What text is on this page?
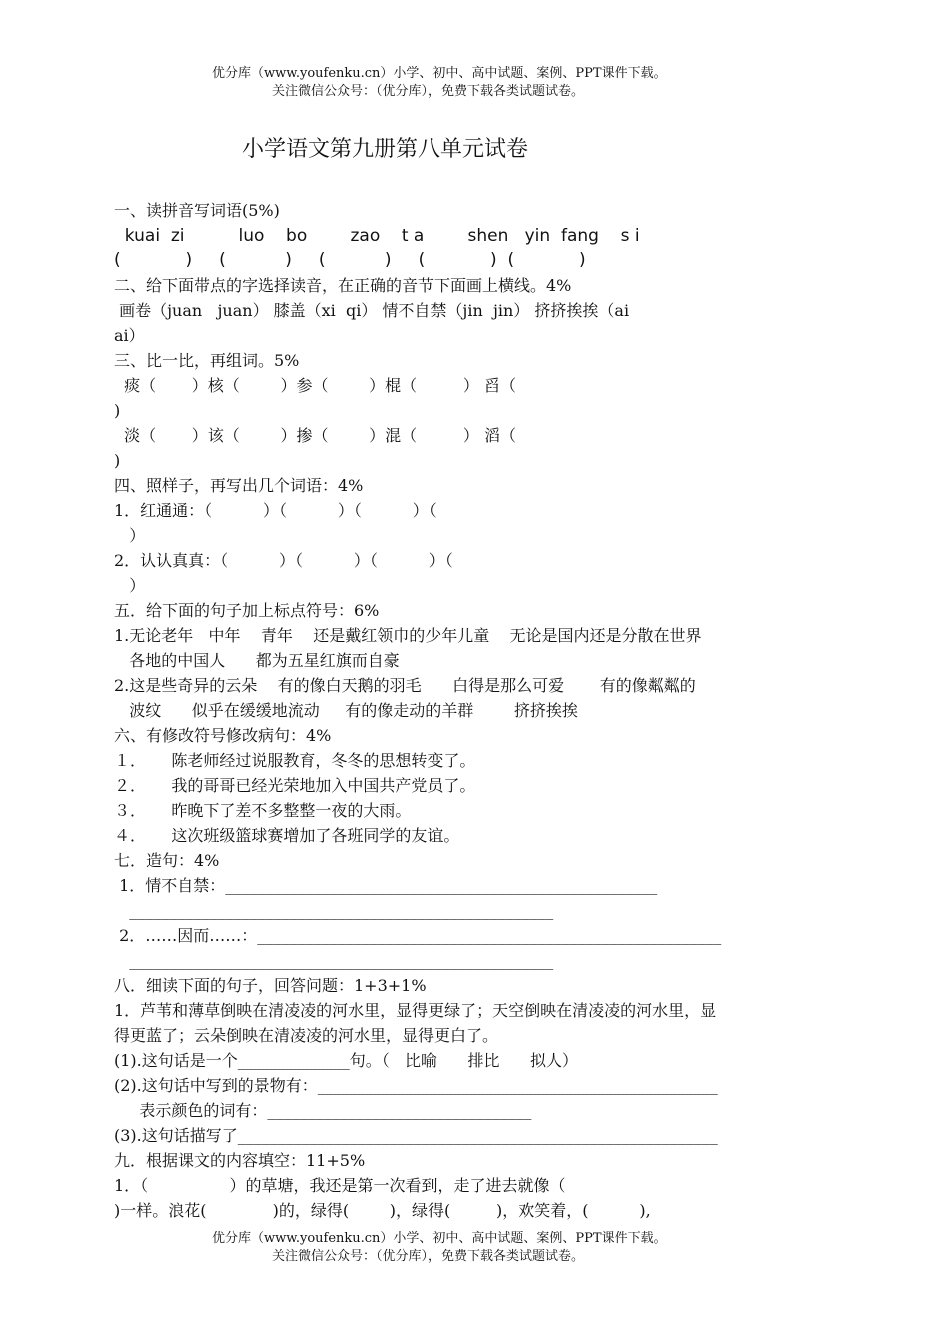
优分库（www.youfenku.cn）小学、初中、高中试题、案例、PPT课件下载。
关注微信公众号：（优分库），免费下载各类试题试卷。
小学语文第九册第八单元试卷
一、读拼音写词语(5%)
kuai  zi          luo    bo        zao    t a        shen   yin  fang    s i
(            )     (           )     (           )     (            )  (            )
二、给下面带点的字选择读音，在正确的音节下面画上横线。4%
画卷（juan   juan） 膝盖（xi  qi） 情不自禁（jin  jin） 挤挤挨挨（ai
ai）
三、比一比，再组词。5%
痰（       ）核（        ）参（        ）棍（         ） 舀（
)
淡（       ）该（        ）掺（        ）混（         ） 滔（
)
四、照样子，再写出几个词语：4%
1．红通通：（          ）（          ）（          ）（
）
2．认认真真：（          ）（          ）（          ）（
）
五．给下面的句子加上标点符号：6%
1.无论老年   中年    青年    还是戴红领巾的少年儿童    无论是国内还是分散在世界
各地的中国人      都为五星红旗而自豪
2.这是些奇异的云朵    有的像白天鹅的羽毛      白得是那么可爱       有的像粼粼的
波纹      似乎在缓缓地流动     有的像走动的羊群        挤挤挨挨
六、有修改符号修改病句：4%
１．     陈老师经过说服教育，冬冬的思想转变了。
２．     我的哥哥已经光荣地加入中国共产党员了。
３．     昨晚下了差不多整整一夜的大雨。
４．     这次班级篮球赛增加了各班同学的友谊。
七．造句：4%
1．情不自禁：______________________________________________________
_____________________________________________________
2．……因而……：__________________________________________________________
_____________________________________________________
八．细读下面的句子，回答问题：1+3+1%
1．芦苇和薄草倒映在清凌凌的河水里，显得更绿了；天空倒映在清凌凌的河水里，显
得更蓝了；云朵倒映在清凌凌的河水里，显得更白了。
(1).这句话是一个______________句。（   比喻      排比      拟人）
(2).这句话中写到的景物有：__________________________________________________
表示颜色的词有：_________________________________
(3).这句话描写了____________________________________________________________
九．根据课文的内容填空：11+5%
1．（                ）的草塘，我还是第一次看到，走了进去就像（
)一样。浪花(             )的，绿得(        )，绿得(         )，欢笑着，(          ),
优分库（www.youfenku.cn）小学、初中、高中试题、案例、PPT课件下载。
关注微信公众号：（优分库），免费下载各类试题试卷。
